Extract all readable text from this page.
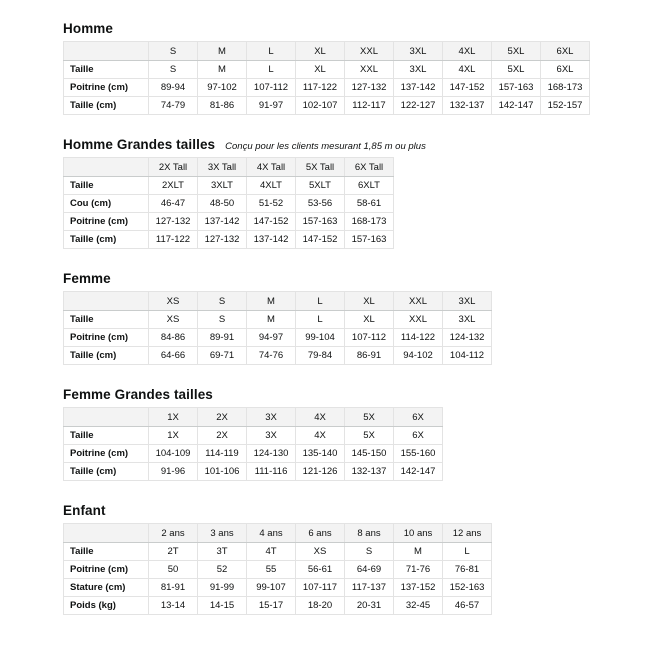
Homme
	S	M	L	XL	XXL	3XL	4XL	5XL	6XL
Taille	S	M	L	XL	XXL	3XL	4XL	5XL	6XL
Poitrine (cm)	89-94	97-102	107-112	117-122	127-132	137-142	147-152	157-163	168-173
Taille (cm)	74-79	81-86	91-97	102-107	112-117	122-127	132-137	142-147	152-157
Homme Grandes tailles Conçu pour les clients mesurant 1,85 m ou plus
	2X Tall	3X Tall	4X Tall	5X Tall	6X Tall
Taille	2XLT	3XLT	4XLT	5XLT	6XLT
Cou (cm)	46-47	48-50	51-52	53-56	58-61
Poitrine (cm)	127-132	137-142	147-152	157-163	168-173
Taille (cm)	117-122	127-132	137-142	147-152	157-163
Femme
	XS	S	M	L	XL	XXL	3XL
Taille	XS	S	M	L	XL	XXL	3XL
Poitrine (cm)	84-86	89-91	94-97	99-104	107-112	114-122	124-132
Taille (cm)	64-66	69-71	74-76	79-84	86-91	94-102	104-112
Femme Grandes tailles
	1X	2X	3X	4X	5X	6X
Taille	1X	2X	3X	4X	5X	6X
Poitrine (cm)	104-109	114-119	124-130	135-140	145-150	155-160
Taille (cm)	91-96	101-106	111-116	121-126	132-137	142-147
Enfant
	2 ans	3 ans	4 ans	6 ans	8 ans	10 ans	12 ans
Taille	2T	3T	4T	XS	S	M	L
Poitrine (cm)	50	52	55	56-61	64-69	71-76	76-81
Stature (cm)	81-91	91-99	99-107	107-117	117-137	137-152	152-163
Poids (kg)	13-14	14-15	15-17	18-20	20-31	32-45	46-57
